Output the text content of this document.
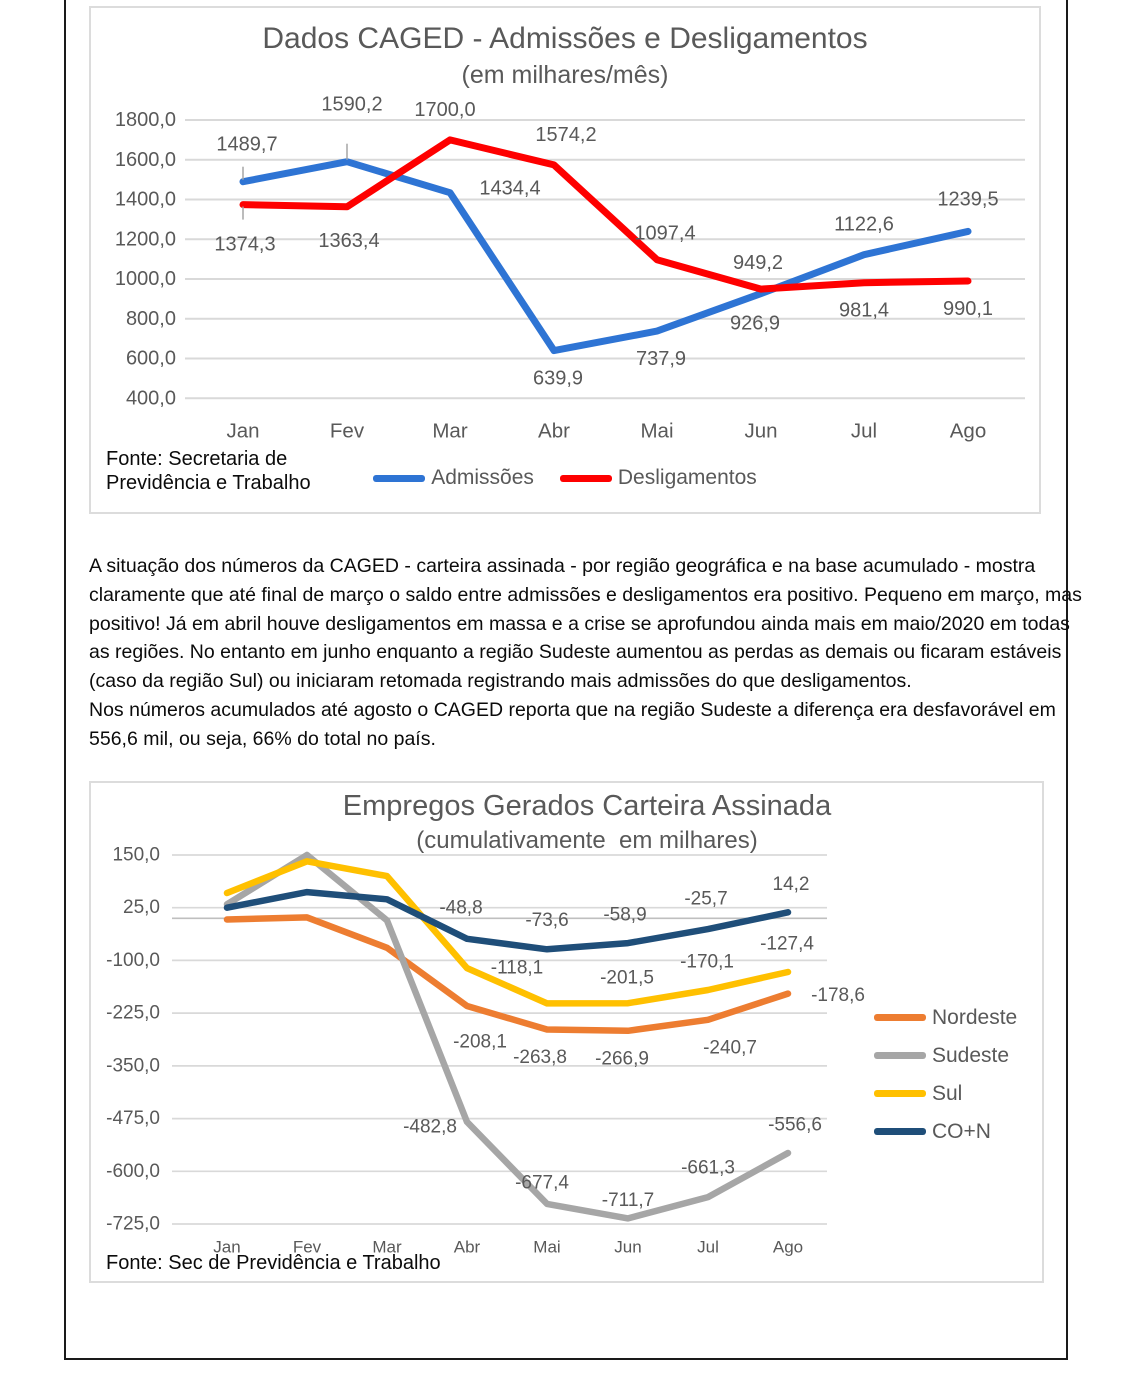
1800,0
1600,0
1400,0
1200,0
1000,0
800,0
600,0
400,0
Jan	Fev	Mar	Abr	Mai	Jun	Jul	Ago
1489,7
1590,2
1434,4
639,9
737,9
926,9
1122,6
1239,5
1374,3 1363,4
1700,0
1574,2
1097,4
949,2
981,4	990,1
150,0
25,0
-100,0
-225,0
-350,0
-475,0
-600,0
-725,0
Jan	Fev	Mar	Abr	Mai	Jun	Jul	Ago
-208,1
-263,8 -266,9
-240,7
-178,6
-482,8
-677,4
-711,7
-661,3
-556,6
-118,1	-201,5
-170,1
-127,4
-48,8
-73,6 -58,9
-25,7
14,2
Dados CAGED - Admissões e Desligamentos
(em milhares/mês)
Fonte: Secretaria de
Previdência e Trabalho	Admissões	Desligamentos
A situação dos números da CAGED - carteira assinada - por região geográfica e na base acumulado - mostra
claramente que até final de março o saldo entre admissões e desligamentos era positivo. Pequeno em março, mas
positivo! Já em abril houve desligamentos em massa e a crise se aprofundou ainda mais em maio/2020 em todas
as regiões. No entanto em junho enquanto a região Sudeste aumentou as perdas as demais ou ficaram estáveis
(caso da região Sul) ou iniciaram retomada registrando mais admissões do que desligamentos.
Nos números acumulados até agosto o CAGED reporta que na região Sudeste a diferença era desfavorável em
556,6 mil, ou seja, 66% do total no país.
Empregos Gerados Carteira Assinada
(cumulativamente  em milhares)
Nordeste
Sudeste
Sul
CO+N
Fonte: Sec de Previdência e Trabalho
